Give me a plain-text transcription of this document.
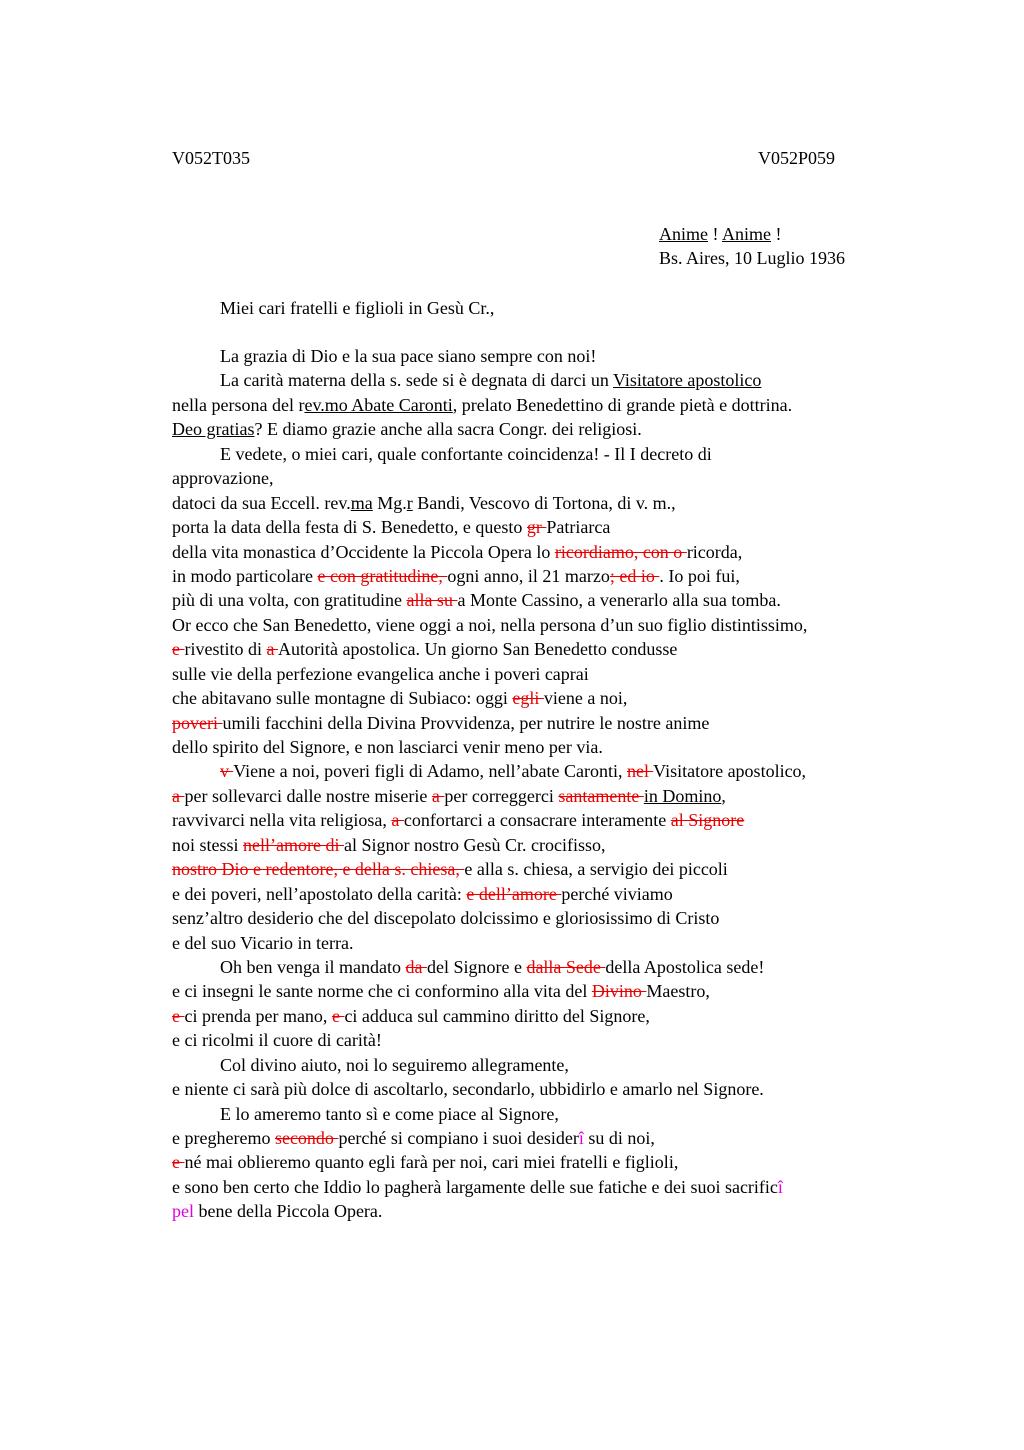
V052T035	V052P059
Anime ! Anime !
Bs. Aires, 10 Luglio 1936
Miei cari fratelli e figlioli in Gesù Cr.,
La grazia di Dio e la sua pace siano sempre con noi!
La carità materna della s. sede si è degnata di darci un Visitatore apostolico
nella persona del rev.mo Abate Caronti, prelato Benedettino di grande pietà e dottrina.
Deo gratias? E diamo grazie anche alla sacra Congr. dei religiosi.
E vedete, o miei cari, quale confortante coincidenza! - Il I decreto di
approvazione,
datoci da sua Eccell. rev.ma Mg.r Bandi, Vescovo di Tortona, di v. m.,
porta la data della festa di S. Benedetto, e questo gr Patriarca
della vita monastica d’Occidente la Piccola Opera lo ricordiamo, con o ricorda,
in modo particolare e con gratitudine, ogni anno, il 21 marzo; ed io . Io poi fui,
più di una volta, con gratitudine alla su a Monte Cassino, a venerarlo alla sua tomba.
Or ecco che San Benedetto, viene oggi a noi, nella persona d’un suo figlio distintissimo,
e rivestito di a Autorità apostolica. Un giorno San Benedetto condusse
sulle vie della perfezione evangelica anche i poveri caprai
che abitavano sulle montagne di Subiaco: oggi egli viene a noi,
poveri umili facchini della Divina Provvidenza, per nutrire le nostre anime
dello spirito del Signore, e non lasciarci venir meno per via.
v Viene a noi, poveri figli di Adamo, nell’abate Caronti, nel Visitatore apostolico,
a per sollevarci dalle nostre miserie a per correggerci santamente in Domino,
ravvivarci nella vita religiosa, a confortarci a consacrare interamente al Signore
noi stessi nell’amore di al Signor nostro Gesù Cr. crocifisso,
nostro Dio e redentore, e della s. chiesa, e alla s. chiesa, a servigio dei piccoli
e dei poveri, nell’apostolato della carità: e dell’amore perché viviamo
senz’altro desiderio che del discepolato dolcissimo e gloriosissimo di Cristo
e del suo Vicario in terra.
Oh ben venga il mandato da del Signore e dalla Sede della Apostolica sede!
e ci insegni le sante norme che ci conformino alla vita del Divino Maestro,
e ci prenda per mano, e ci adduca sul cammino diritto del Signore,
e ci ricolmi il cuore di carità!
Col divino aiuto, noi lo seguiremo allegramente,
e niente ci sarà più dolce di ascoltarlo, secondarlo, ubbidirlo e amarlo nel Signore.
E lo ameremo tanto sì e come piace al Signore,
e pregheremo secondo perché si compiano i suoi desiderî su di noi,
e né mai oblieremo quanto egli farà per noi, cari miei fratelli e figlioli,
e sono ben certo che Iddio lo pagherà largamente delle sue fatiche e dei suoi sacrificî
pel bene della Piccola Opera.
